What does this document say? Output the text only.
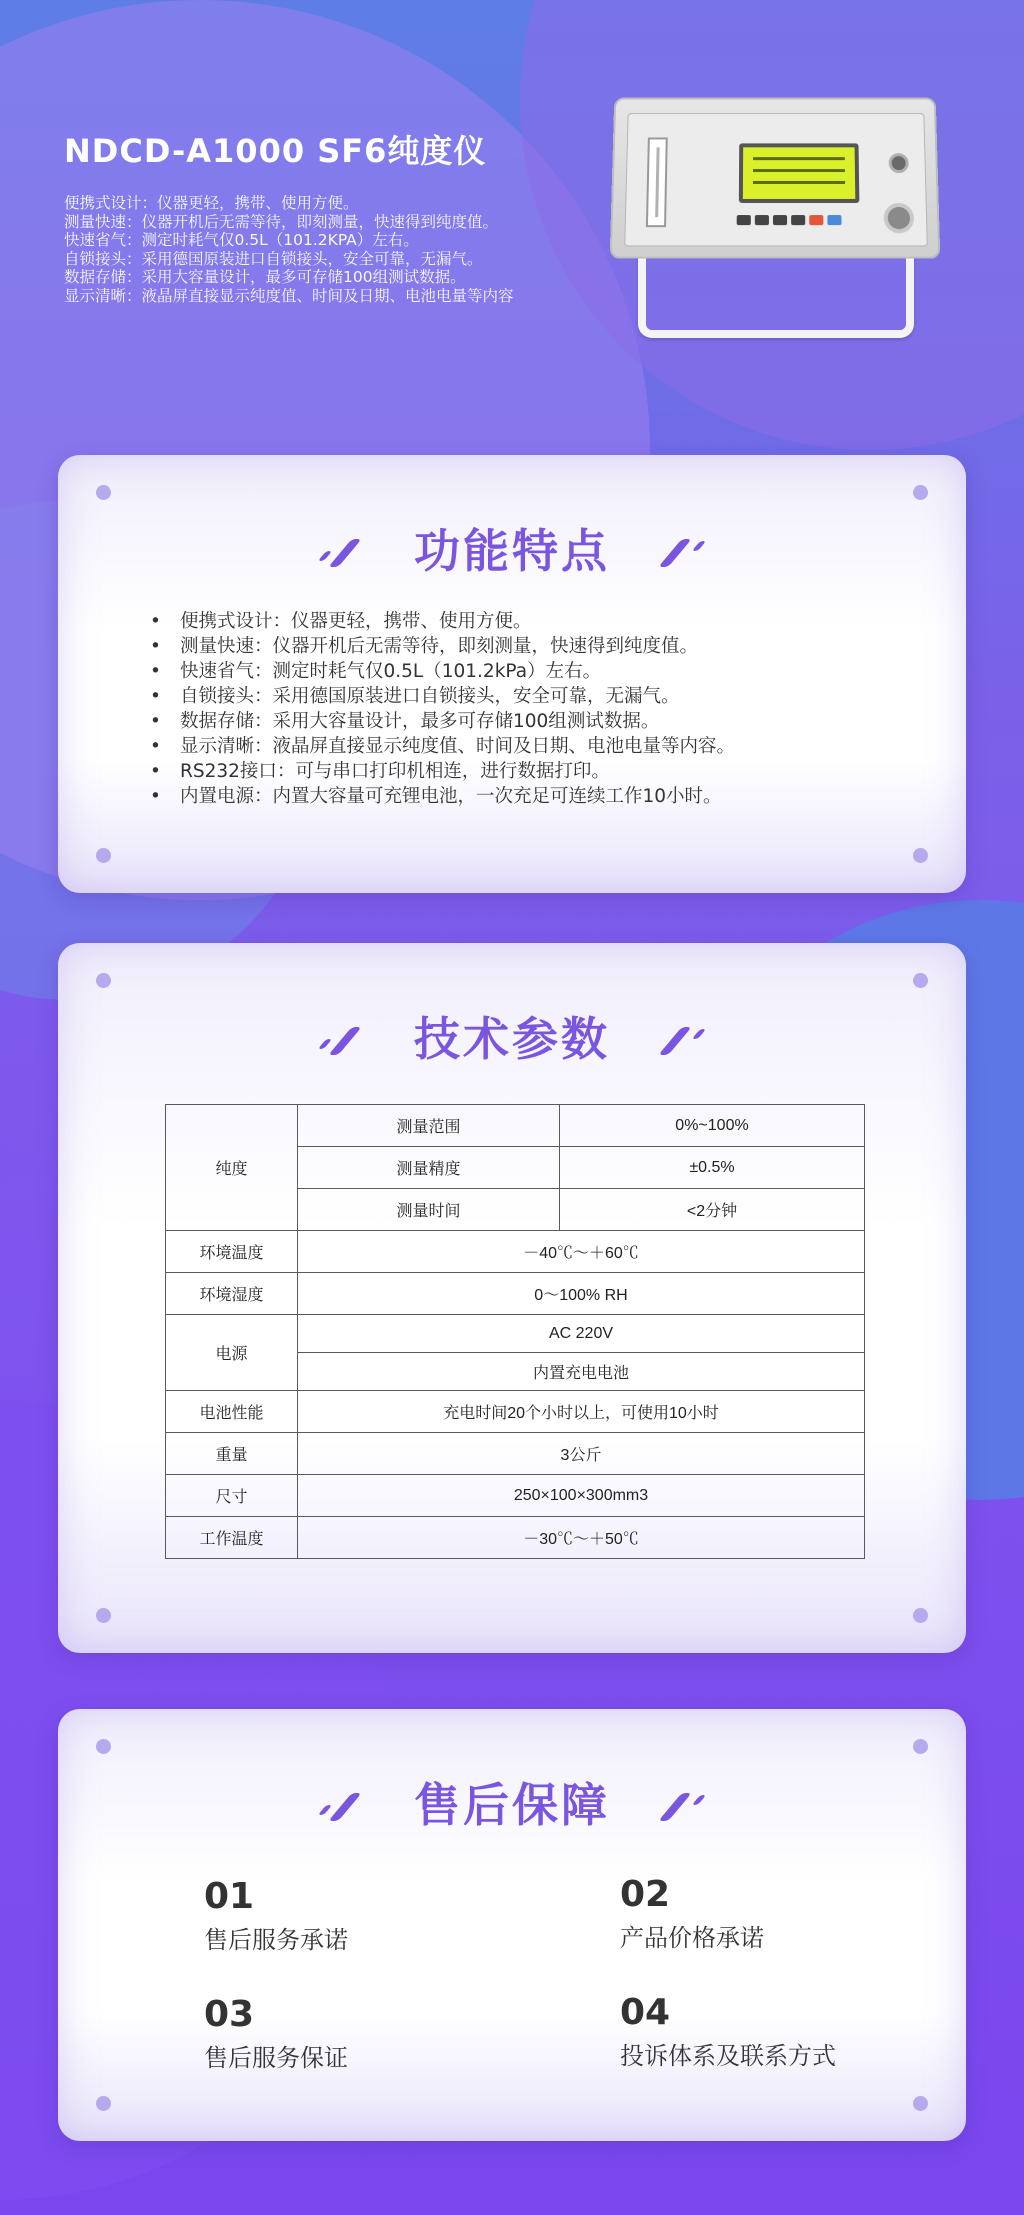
NDCD-A1000 SF6纯度仪
便携式设计：仪器更轻，携带、使用方便。
测量快速：仪器开机后无需等待，即刻测量，快速得到纯度值。
快速省气：测定时耗气仅0.5L（101.2KPA）左右。
自锁接头：采用德国原装进口自锁接头，安全可靠，无漏气。
数据存储：采用大容量设计，最多可存储100组测试数据。
显示清晰：液晶屏直接显示纯度值、时间及日期、电池电量等内容
功能特点
• 便携式设计：仪器更轻，携带、使用方便。
• 测量快速：仪器开机后无需等待，即刻测量，快速得到纯度值。
• 快速省气：测定时耗气仅0.5L（101.2kPa）左右。
• 自锁接头：采用德国原装进口自锁接头，安全可靠，无漏气。
• 数据存储：采用大容量设计，最多可存储100组测试数据。
• 显示清晰：液晶屏直接显示纯度值、时间及日期、电池电量等内容。
• RS232接口：可与串口打印机相连，进行数据打印。
• 内置电源：内置大容量可充锂电池，一次充足可连续工作10小时。
技术参数
纯度	测量范围	0%~100%
	测量精度	±0.5%
	测量时间	<2分钟
环境温度	－40℃～＋60℃	
环境湿度	0～100% RH	
电源	AC 220V	
	内置充电电池	
电池性能	充电时间20个小时以上，可使用10小时	
重量	3公斤	
尺寸	250×100×300mm3	
工作温度	－30℃～＋50℃	
售后保障
01
售后服务承诺
02
产品价格承诺
03
售后服务保证
04
投诉体系及联系方式
